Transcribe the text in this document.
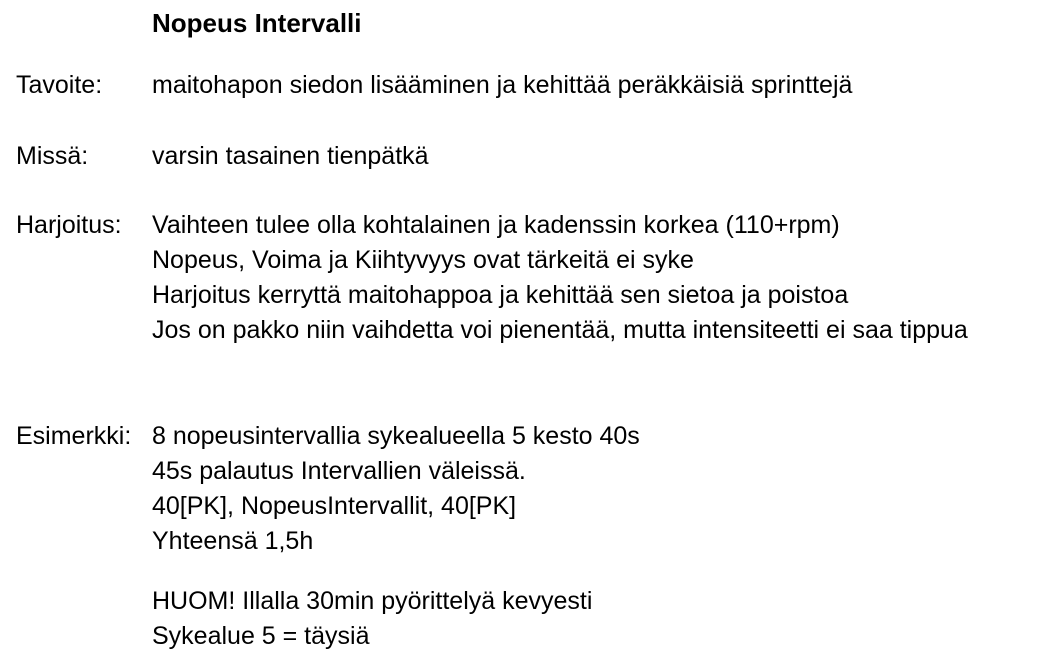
Nopeus Intervalli
Tavoite: maitohapon siedon lisääminen ja kehittää peräkkäisiä sprinttejä
Missä:	varsin tasainen tienpätkä
Harjoitus: Vaihteen tulee olla kohtalainen ja kadenssin korkea (110+rpm)
Nopeus, Voima ja Kiihtyvyys ovat tärkeitä ei syke
Harjoitus kerryttä maitohappoa ja kehittää sen sietoa ja poistoa
Jos on pakko niin vaihdetta voi pienentää, mutta intensiteetti ei saa tippua
Esimerkki: 8 nopeusintervallia sykealueella 5 kesto 40s
45s palautus Intervallien väleissä.
40[PK], NopeusIntervallit, 40[PK]
Yhteensä 1,5h
HUOM! Illalla 30min pyörittelyä kevyesti
Sykealue 5 = täysiä
